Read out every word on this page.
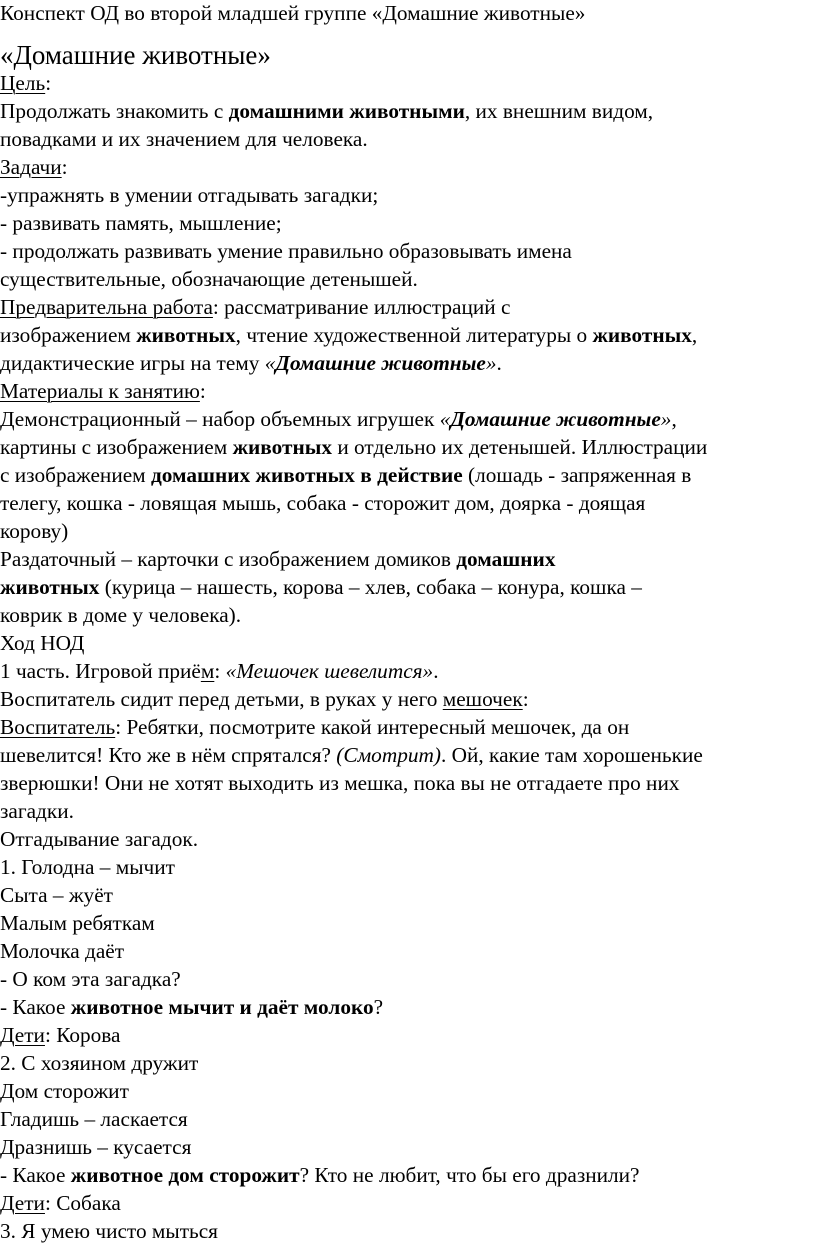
Конспект ОД во второй младшей группе «Домашние животные»
«Домашние животные»
Цель:
Продолжать знакомить с домашними животными, их внешним видом,
повадками и их значением для человека.
Задачи:
-упражнять в умении отгадывать загадки;
- развивать память, мышление;
- продолжать развивать умение правильно образовывать имена
существительные, обозначающие детенышей.
Предварительна работа: рассматривание иллюстраций с
изображением животных, чтение художественной литературы о животных,
дидактические игры на тему «Домашние животные».
Материалы к занятию:
Демонстрационный – набор объемных игрушек «Домашние животные»,
картины с изображением животных и отдельно их детенышей. Иллюстрации
с изображением домашних животных в действие (лошадь - запряженная в
телегу, кошка - ловящая мышь, собака - сторожит дом, доярка - доящая
корову)
Раздаточный – карточки с изображением домиков домашних
животных (курица – нашесть, корова – хлев, собака – конура, кошка –
коврик в доме у человека).
Ход НОД
1 часть. Игровой приём: «Мешочек шевелится».
Воспитатель сидит перед детьми, в руках у него мешочек:
Воспитатель: Ребятки, посмотрите какой интересный мешочек, да он
шевелится! Кто же в нём спрятался? (Смотрит). Ой, какие там хорошенькие
зверюшки! Они не хотят выходить из мешка, пока вы не отгадаете про них
загадки.
Отгадывание загадок.
1. Голодна – мычит
Сыта – жуёт
Малым ребяткам
Молочка даёт
- О ком эта загадка?
- Какое животное мычит и даёт молоко?
Дети: Корова
2. С хозяином дружит
Дом сторожит
Гладишь – ласкается
Дразнишь – кусается
- Какое животное дом сторожит? Кто не любит, что бы его дразнили?
Дети: Собака
3. Я умею чисто мыться
